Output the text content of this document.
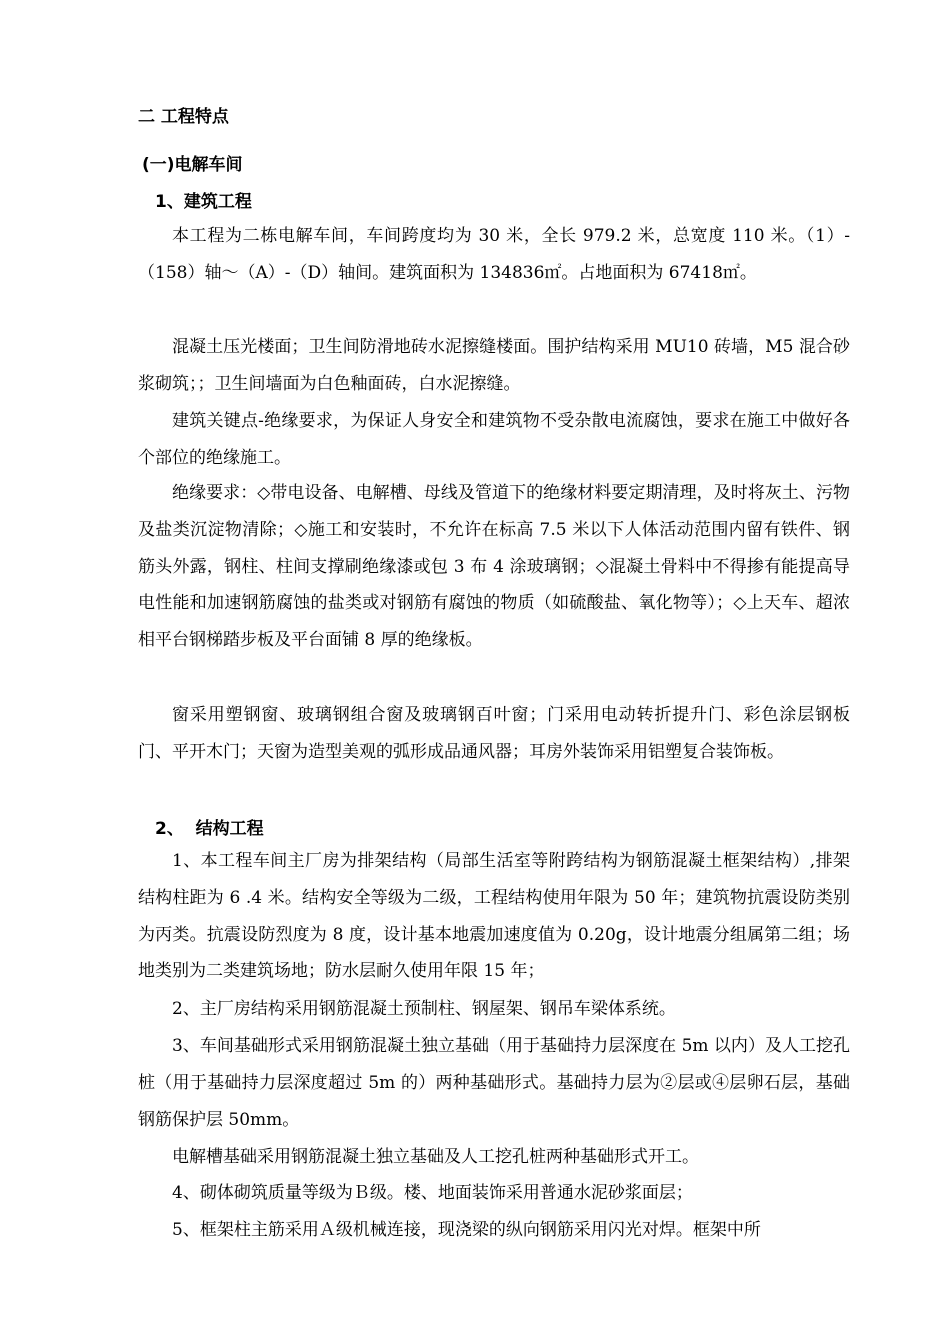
二 工程特点
(一)电解车间
1、建筑工程
本工程为二栋电解车间，车间跨度均为 30 米，全长 979.2 米，总宽度 110 米。（1）-（158）轴～（A）-（D）轴间。建筑面积为 134836㎡。占地面积为 67418㎡。
混凝土压光楼面；卫生间防滑地砖水泥擦缝楼面。围护结构采用 MU10 砖墙，M5 混合砂浆砌筑；；卫生间墙面为白色釉面砖，白水泥擦缝。
建筑关键点-绝缘要求，为保证人身安全和建筑物不受杂散电流腐蚀，要求在施工中做好各个部位的绝缘施工。
绝缘要求：◇带电设备、电解槽、母线及管道下的绝缘材料要定期清理，及时将灰土、污物及盐类沉淀物清除；◇施工和安装时，不允许在标高 7.5 米以下人体活动范围内留有铁件、钢筋头外露，钢柱、柱间支撑刷绝缘漆或包 3 布 4 涂玻璃钢；◇混凝土骨料中不得掺有能提高导电性能和加速钢筋腐蚀的盐类或对钢筋有腐蚀的物质（如硫酸盐、氧化物等）；◇上天车、超浓相平台钢梯踏步板及平台面铺 8 厚的绝缘板。
窗采用塑钢窗、玻璃钢组合窗及玻璃钢百叶窗；门采用电动转折提升门、彩色涂层钢板门、平开木门；天窗为造型美观的弧形成品通风器；耳房外装饰采用铝塑复合装饰板。
2、  结构工程
1、本工程车间主厂房为排架结构（局部生活室等附跨结构为钢筋混凝土框架结构）,排架结构柱距为 6 .4 米。结构安全等级为二级，工程结构使用年限为 50 年；建筑物抗震设防类别为丙类。抗震设防烈度为 8 度，设计基本地震加速度值为 0.20g，设计地震分组属第二组；场地类别为二类建筑场地；防水层耐久使用年限 15 年；
2、主厂房结构采用钢筋混凝土预制柱、钢屋架、钢吊车梁体系统。
3、车间基础形式采用钢筋混凝土独立基础（用于基础持力层深度在 5m 以内）及人工挖孔桩（用于基础持力层深度超过 5m 的）两种基础形式。基础持力层为②层或④层卵石层，基础钢筋保护层 50mm。
电解槽基础采用钢筋混凝土独立基础及人工挖孔桩两种基础形式开工。
4、砌体砌筑质量等级为Ｂ级。楼、地面装饰采用普通水泥砂浆面层；
5、框架柱主筋采用Ａ级机械连接，现浇梁的纵向钢筋采用闪光对焊。框架中所
